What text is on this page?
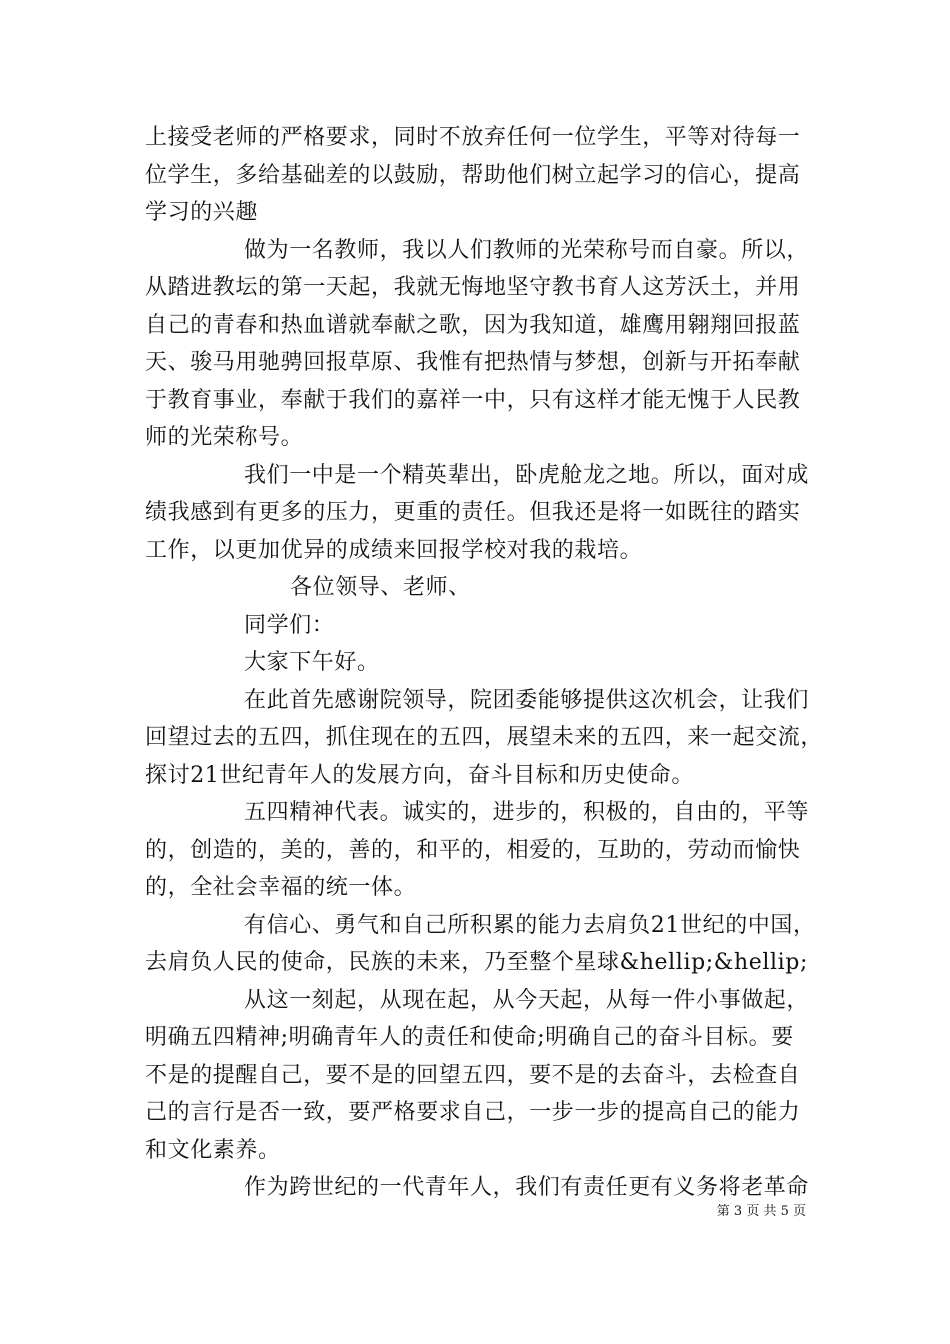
上接受老师的严格要求，同时不放弃任何一位学生，平等对待每一
位学生，多给基础差的以鼓励，帮助他们树立起学习的信心，提高
学习的兴趣
做为一名教师，我以人们教师的光荣称号而自豪。所以，
从踏进教坛的第一天起，我就无悔地坚守教书育人这芳沃土，并用
自己的青春和热血谱就奉献之歌，因为我知道，雄鹰用翱翔回报蓝
天、骏马用驰骋回报草原、我惟有把热情与梦想，创新与开拓奉献
于教育事业，奉献于我们的嘉祥一中，只有这样才能无愧于人民教
师的光荣称号。
我们一中是一个精英辈出，卧虎舱龙之地。所以，面对成
绩我感到有更多的压力，更重的责任。但我还是将一如既往的踏实
工作，以更加优异的成绩来回报学校对我的栽培。
各位领导、老师、
同学们：
大家下午好。
在此首先感谢院领导，院团委能够提供这次机会，让我们
回望过去的五四，抓住现在的五四，展望未来的五四，来一起交流，
探讨21世纪青年人的发展方向，奋斗目标和历史使命。
五四精神代表。诚实的，进步的，积极的，自由的，平等
的，创造的，美的，善的，和平的，相爱的，互助的，劳动而愉快
的，全社会幸福的统一体。
有信心、勇气和自己所积累的能力去肩负21世纪的中国，
去肩负人民的使命，民族的未来，乃至整个星球&hellip;&hellip;
从这一刻起，从现在起，从今天起，从每一件小事做起，
明确五四精神;明确青年人的责任和使命;明确自己的奋斗目标。要
不是的提醒自己，要不是的回望五四，要不是的去奋斗，去检查自
己的言行是否一致，要严格要求自己，一步一步的提高自己的能力
和文化素养。
作为跨世纪的一代青年人，我们有责任更有义务将老革命
第 3 页 共 5 页
